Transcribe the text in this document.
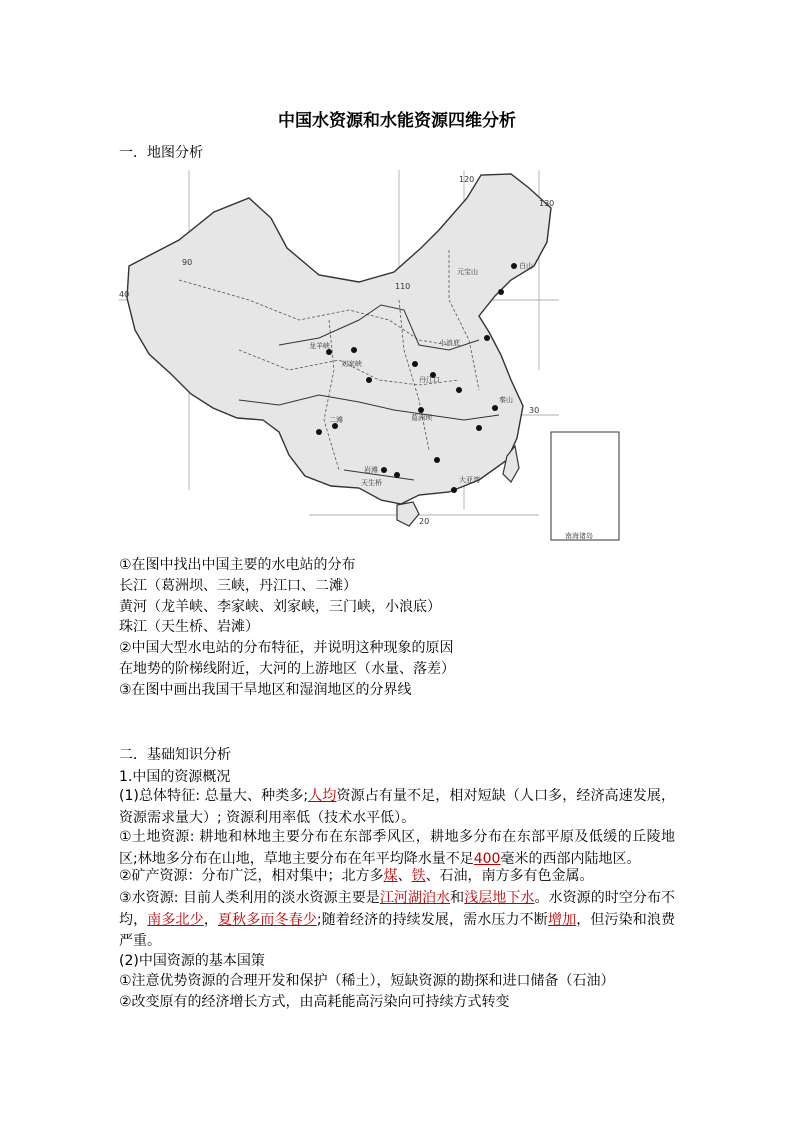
中国水资源和水能资源四维分析
一．地图分析
90
110
120
130
40
30
20
白山
元宝山
龙羊峡
刘家峡
丹江口
葛洲坝
二滩
岩滩
天生桥
小浪底
大亚湾
秦山
南海诸岛

①在图中找出中国主要的水电站的分布

长江（葛洲坝、三峡，丹江口、二滩）

黄河（龙羊峡、李家峡、刘家峡，三门峡，小浪底）

珠江（天生桥、岩滩）

②中国大型水电站的分布特征，并说明这种现象的原因

在地势的阶梯线附近，大河的上游地区（水量、落差）

③在图中画出我国干旱地区和湿润地区的分界线

二．基础知识分析
1.中国的资源概况
(1)总体特征: 总量大、种类多;人均资源占有量不足，相对短缺（人口多，经济高速发展，资源需求量大）; 资源利用率低（技术水平低）。
①土地资源: 耕地和林地主要分布在东部季风区，耕地多分布在东部平原及低缓的丘陵地区;林地多分布在山地，草地主要分布在年平均降水量不足400毫米的西部内陆地区。
②矿产资源：分布广泛，相对集中；北方多煤、铁、石油，南方多有色金属。
③水资源: 目前人类利用的淡水资源主要是江河湖泊水和浅层地下水。水资源的时空分布不均，南多北少，夏秋多而冬春少;随着经济的持续发展，需水压力不断增加，但污染和浪费严重。
(2)中国资源的基本国策
①注意优势资源的合理开发和保护（稀土），短缺资源的勘探和进口储备（石油）
②改变原有的经济增长方式，由高耗能高污染向可持续方式转变
